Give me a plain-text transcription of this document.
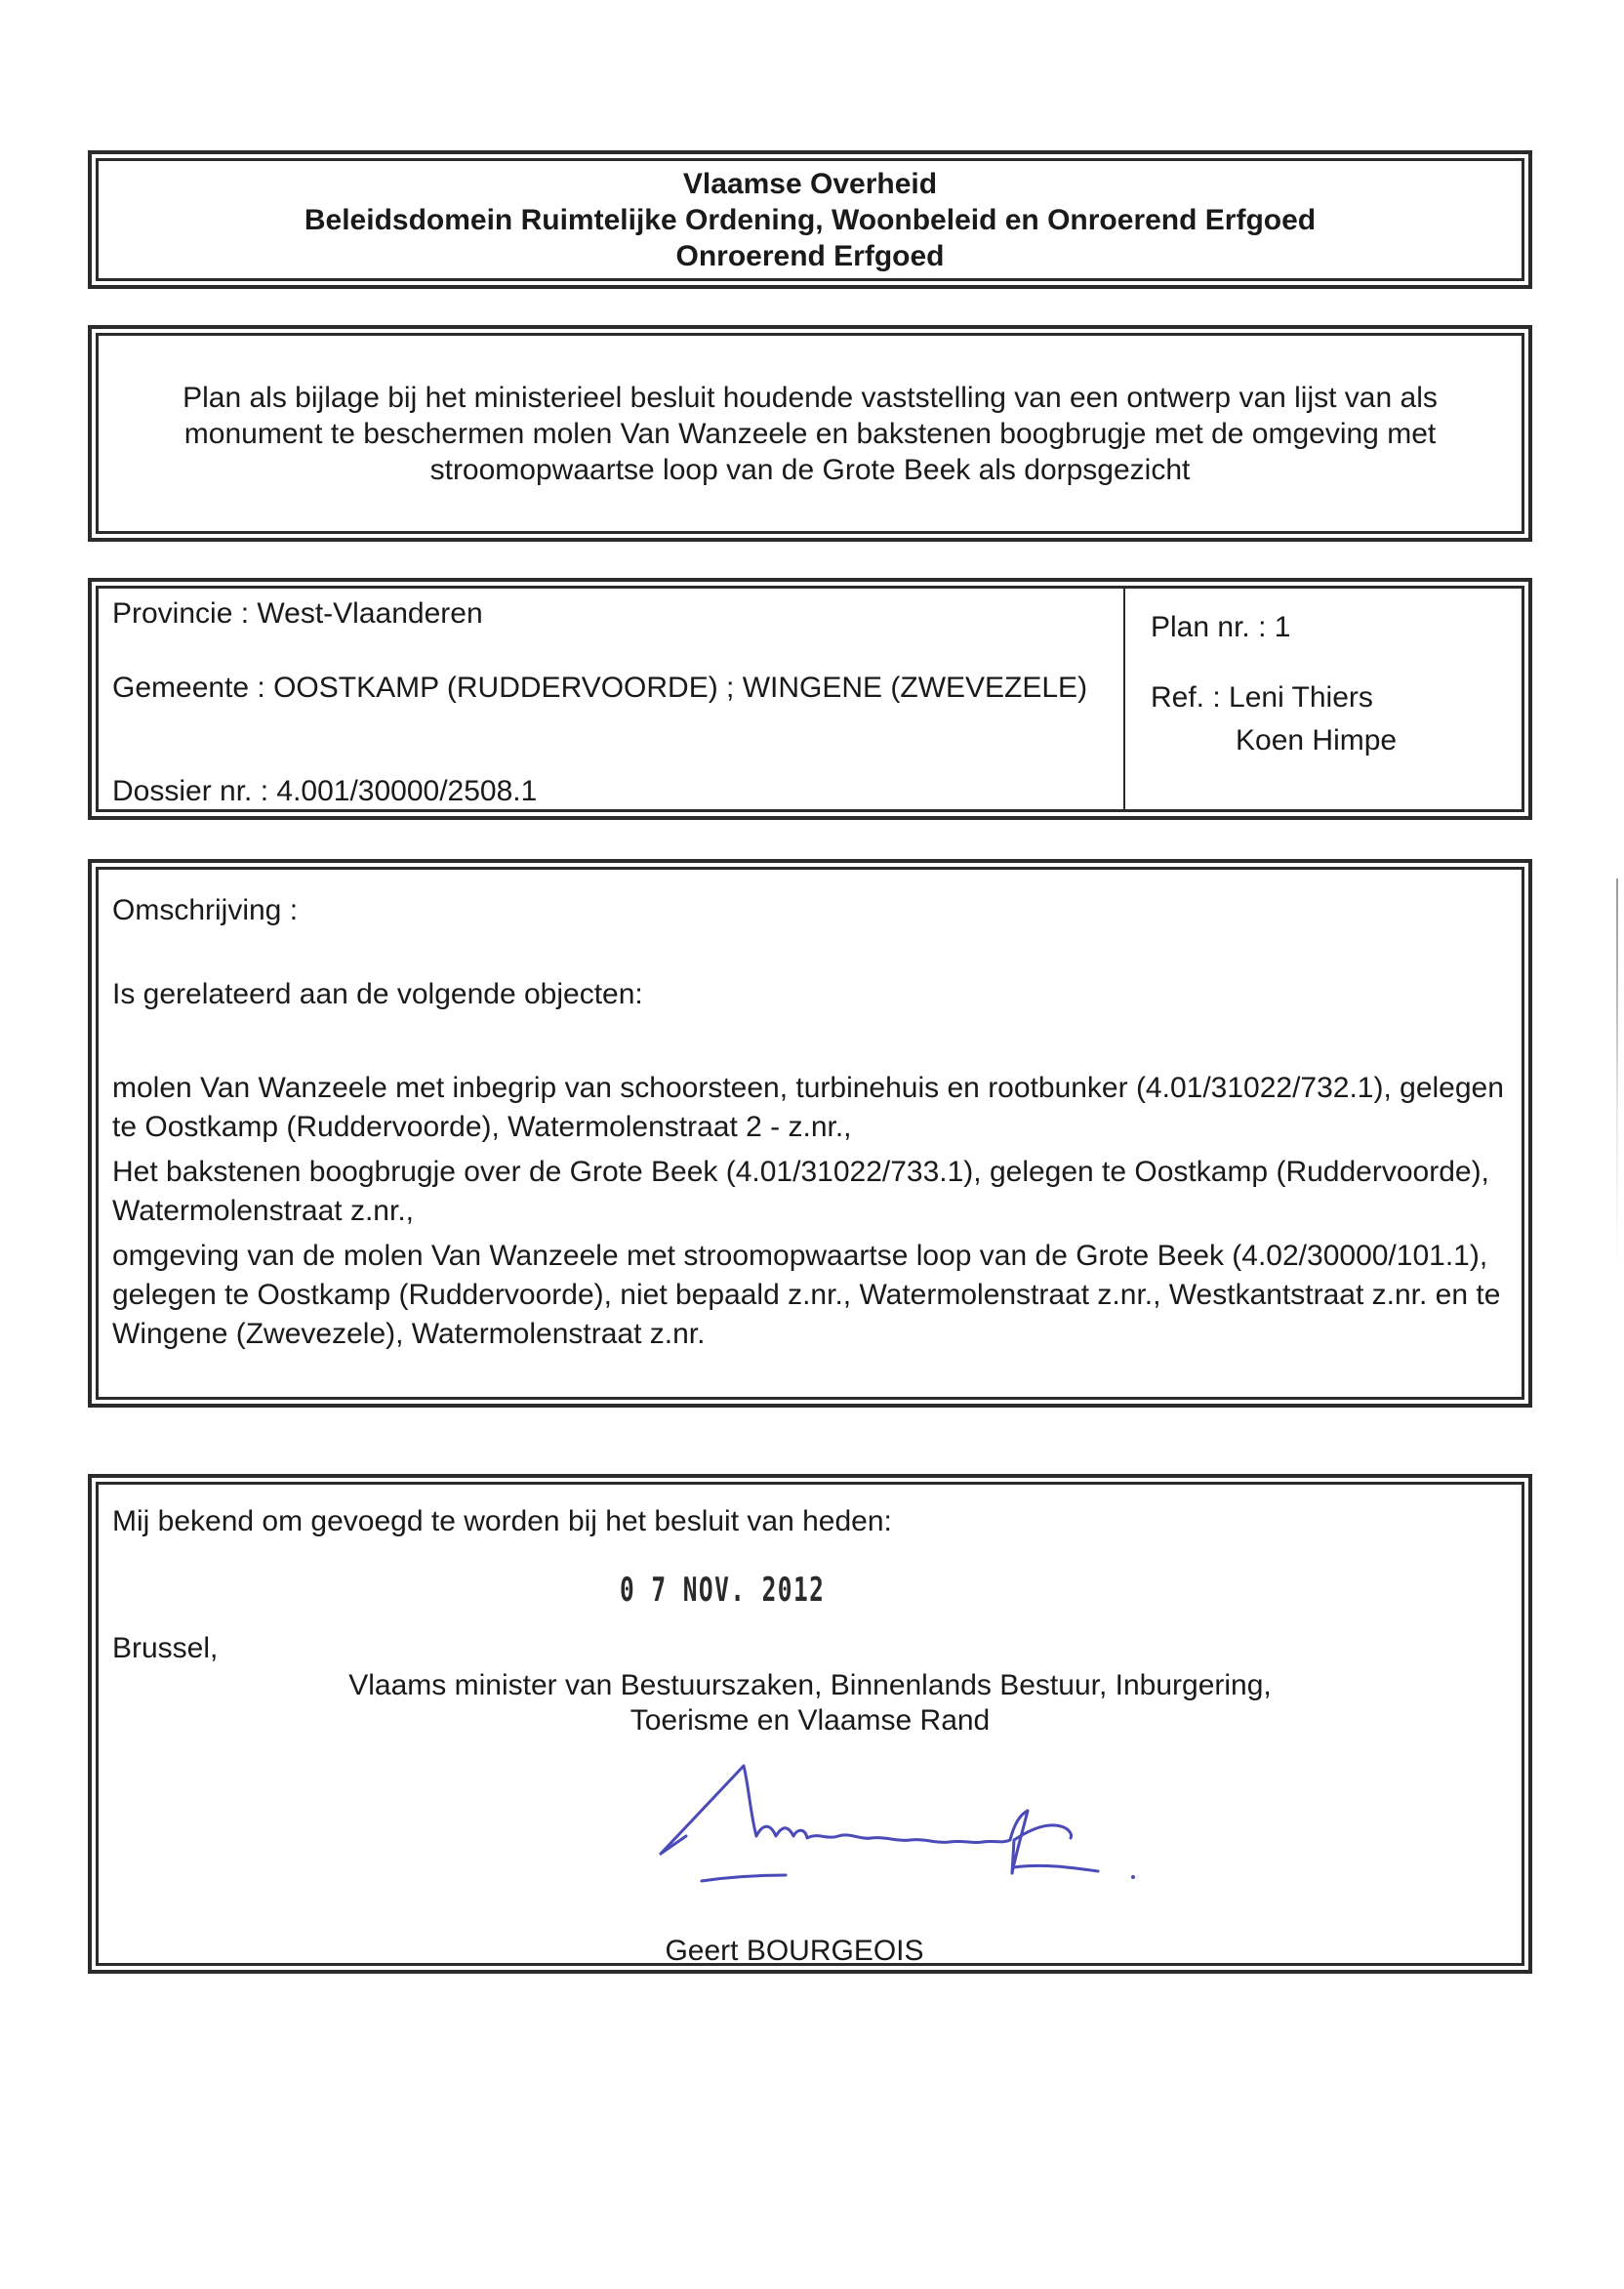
Vlaamse Overheid
Beleidsdomein Ruimtelijke Ordening, Woonbeleid en Onroerend Erfgoed
Onroerend Erfgoed
Plan als bijlage bij het ministerieel besluit houdende vaststelling van een ontwerp van lijst van als monument te beschermen molen Van Wanzeele en bakstenen boogbrugje met de omgeving met stroomopwaartse loop van de Grote Beek als dorpsgezicht

Provincie : West-Vlaanderen

Gemeente : OOSTKAMP (RUDDERVOORDE) ; WINGENE (ZWEVEZELE)

Dossier nr. : 4.001/30000/2508.1

Plan nr. : 1
Ref. : Leni Thiers
Koen Himpe

Omschrijving :

Is gerelateerd aan de volgende objecten:

molen Van Wanzeele met inbegrip van schoorsteen, turbinehuis en rootbunker (4.01/31022/732.1), gelegen te Oostkamp (Ruddervoorde), Watermolenstraat 2 - z.nr.,

Het bakstenen boogbrugje over de Grote Beek (4.01/31022/733.1), gelegen te Oostkamp (Ruddervoorde), Watermolenstraat z.nr.,

omgeving van de molen Van Wanzeele met stroomopwaartse loop van de Grote Beek (4.02/30000/101.1), gelegen te Oostkamp (Ruddervoorde), niet bepaald z.nr., Watermolenstraat z.nr., Westkantstraat z.nr. en te Wingene (Zwevezele), Watermolenstraat z.nr.

Mij bekend om gevoegd te worden bij het besluit van heden:
0 7 NOV. 2012
Brussel,
Vlaams minister van Bestuurszaken, Binnenlands Bestuur, Inburgering,
Toerisme en Vlaamse Rand
Geert BOURGEOIS
